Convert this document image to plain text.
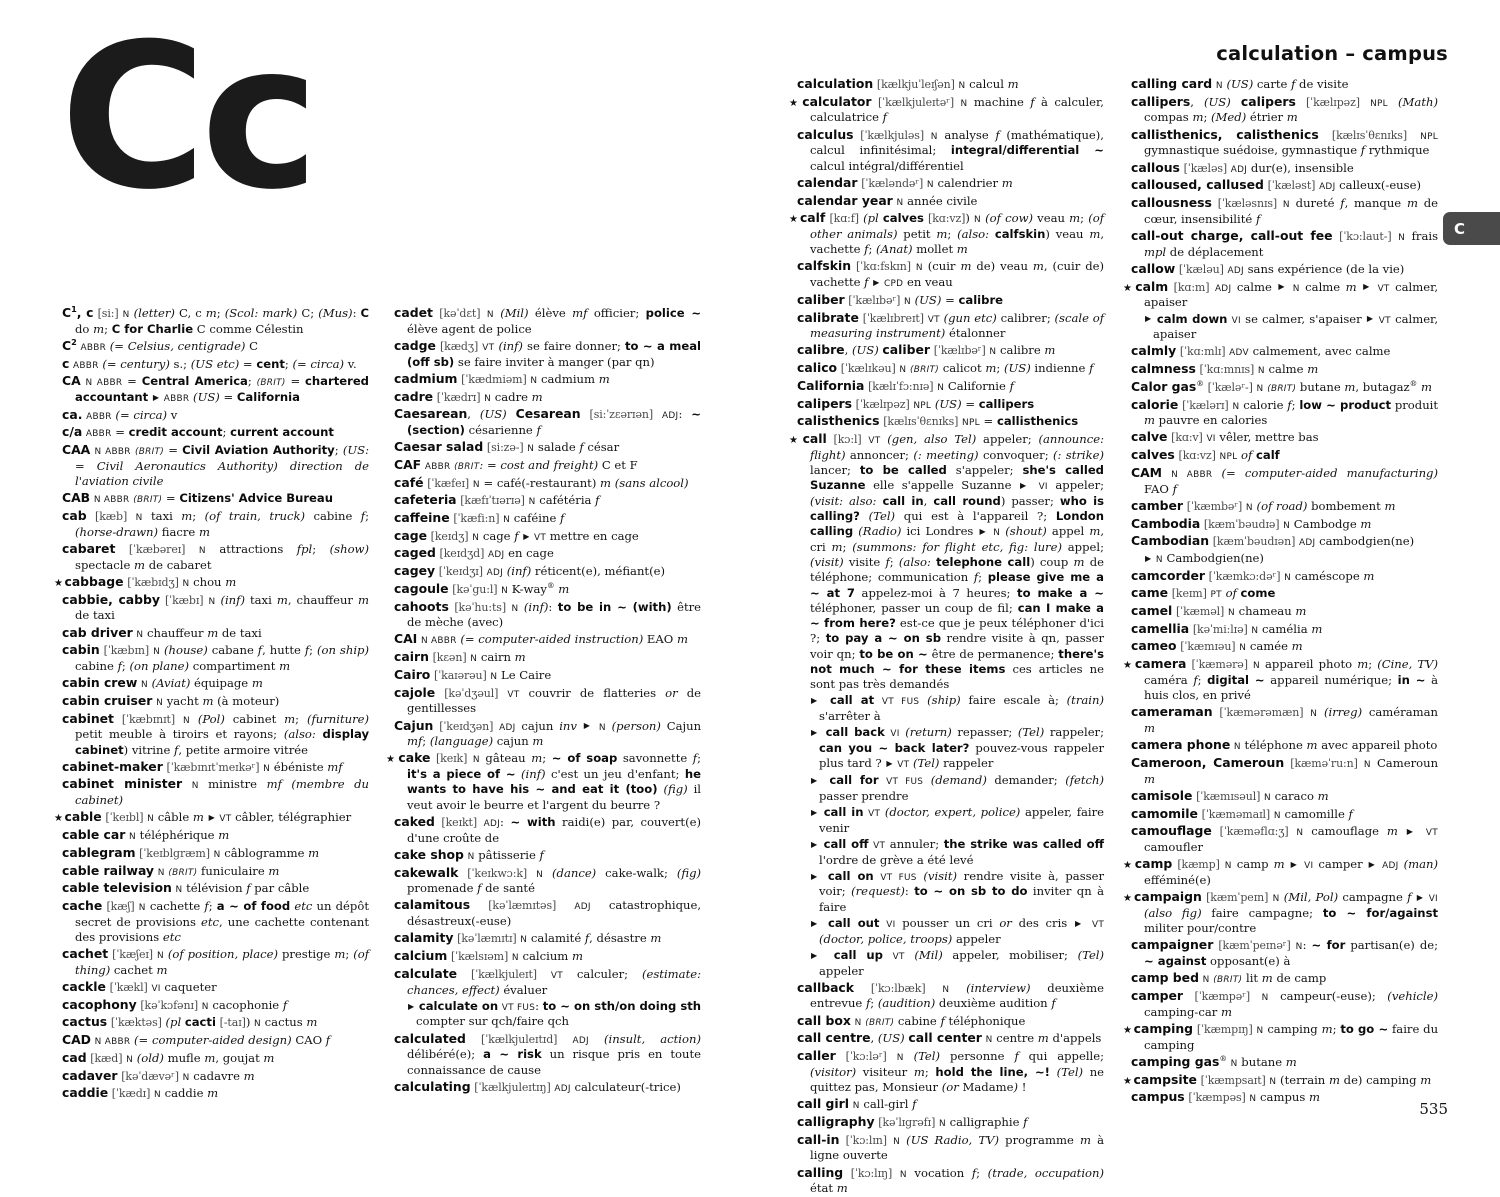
calculation – campus
Cc	C

$C^1$, c [si:] N (letter) C, c m; (Scol: mark) C; (Mus): C do m; C for Charlie C comme Célestin

$C^2$ ABBR (= Celsius, centigrade) C

c ABBR (= century) s.; (US etc) = cent; (= circa) v.

CA N ABBR = Central America; (BRIT) = chartered accountant ▶ ABBR (US) = California

ca. ABBR (= circa) v

c/a ABBR = credit account; current account

CAA N ABBR (BRIT) = Civil Aviation Authority; (US: = Civil Aeronautics Authority) direction de l'aviation civile

CAB N ABBR (BRIT) = Citizens' Advice Bureau

cab [kæb] N taxi m; (of train, truck) cabine f; (horse-drawn) fiacre m

cabaret [ˈkæbəreɪ] N attractions fpl; (show) spectacle m de cabaret

★ cabbage [ˈkæbɪdʒ] N chou m

cabbie, cabby [ˈkæbɪ] N (inf) taxi m, chauffeur m de taxi

cab driver N chauffeur m de taxi

cabin [ˈkæbɪn] N (house) cabane f, hutte f; (on ship) cabine f; (on plane) compartiment m

cabin crew N (Aviat) équipage m

cabin cruiser N yacht m (à moteur)

cabinet [ˈkæbɪnɪt] N (Pol) cabinet m; (furniture) petit meuble à tiroirs et rayons; (also: display cabinet) vitrine f, petite armoire vitrée

cabinet-maker [ˈkæbɪnɪtˈmeɪkəʳ] N ébéniste mf

cabinet minister N ministre mf (membre du cabinet)

★ cable [ˈkeɪbl] N câble m ▶ VT câbler, télégraphier

cable car N téléphérique m

cablegram [ˈkeɪblgræm] N câblogramme m

cable railway N (BRIT) funiculaire m

cable television N télévision f par câble

cache [kæʃ] N cachette f; a ~ of food etc un dépôt secret de provisions etc, une cachette contenant des provisions etc

cachet [ˈkæʃeɪ] N (of position, place) prestige m; (of thing) cachet m

cackle [ˈkækl] VI caqueter

cacophony [kəˈkɔfənɪ] N cacophonie f

cactus [ˈkæktəs] (pl cacti [-taɪ]) N cactus m

CAD N ABBR (= computer-aided design) CAO f

cad [kæd] N (old) mufle m, goujat m

cadaver [kəˈdævəʳ] N cadavre m

caddie [ˈkædɪ] N caddie m

cadet [kəˈdɛt] N (Mil) élève mf officier; police ~ élève agent de police

cadge [kædʒ] VT (inf) se faire donner; to ~ a meal (off sb) se faire inviter à manger (par qn)

cadmium [ˈkædmiəm] N cadmium m

cadre [ˈkædrɪ] N cadre m

Caesarean, (US) Cesarean [si:ˈzɛərɪən] ADJ: ~ (section) césarienne f

Caesar salad [si:zə-] N salade f césar

CAF ABBR (BRIT: = cost and freight) C et F

café [ˈkæfeɪ] N = café(-restaurant) m (sans alcool)

cafeteria [kæfɪˈtɪərɪə] N cafétéria f

caffeine [ˈkæfi:n] N caféine f

cage [keɪdʒ] N cage f ▶ VT mettre en cage

caged [keɪdʒd] ADJ en cage

cagey [ˈkeɪdʒɪ] ADJ (inf) réticent(e), méfiant(e)

cagoule [kəˈgu:l] N K-way® m

cahoots [kəˈhu:ts] N (inf): to be in ~ (with) être de mèche (avec)

CAI N ABBR (= computer-aided instruction) EAO m

cairn [kɛən] N cairn m

Cairo [ˈkaɪərəu] N Le Caire

cajole [kəˈdʒəul] VT couvrir de flatteries or de gentillesses

Cajun [ˈkeɪdʒən] ADJ cajun inv ▶ N (person) Cajun mf; (language) cajun m

★ cake [keɪk] N gâteau m; ~ of soap savonnette f; it's a piece of ~ (inf) c'est un jeu d'enfant; he wants to have his ~ and eat it (too) (fig) il veut avoir le beurre et l'argent du beurre ?

caked [keɪkt] ADJ: ~ with raidi(e) par, couvert(e) d'une croûte de

cake shop N pâtisserie f

cakewalk [ˈkeɪkwɔ:k] N (dance) cake-walk; (fig) promenade f de santé

calamitous [kəˈlæmɪtəs] ADJ catastrophique, désastreux(-euse)

calamity [kəˈlæmɪtɪ] N calamité f, désastre m

calcium [ˈkælsɪəm] N calcium m

calculate [ˈkælkjuleɪt] VT calculer; (estimate: chances, effect) évaluer

▶ calculate on VT FUS: to ~ on sth/on doing sth compter sur qch/faire qch

calculated [ˈkælkjuleɪtɪd] ADJ (insult, action) délibéré(e); a ~ risk un risque pris en toute connaissance de cause

calculating [ˈkælkjuleɪtɪŋ] ADJ calculateur(-trice)

calculation [kælkjuˈleɪʃən] N calcul m

★ calculator [ˈkælkjuleɪtəʳ] N machine f à calculer, calculatrice f

calculus [ˈkælkjuləs] N analyse f (mathématique), calcul infinitésimal; integral/differential ~ calcul intégral/différentiel

calendar [ˈkæləndəʳ] N calendrier m

calendar year N année civile

★ calf [kɑ:f] (pl calves [kɑ:vz]) N (of cow) veau m; (of other animals) petit m; (also: calfskin) veau m, vachette f; (Anat) mollet m

calfskin [ˈkɑ:fskɪn] N (cuir m de) veau m, (cuir de) vachette f ▶ CPD en veau

caliber [ˈkælɪbəʳ] N (US) = calibre

calibrate [ˈkælɪbreɪt] VT (gun etc) calibrer; (scale of measuring instrument) étalonner

calibre, (US) caliber [ˈkælɪbəʳ] N calibre m

calico [ˈkælɪkəu] N (BRIT) calicot m; (US) indienne f

California [kælɪˈfɔ:nɪə] N Californie f

calipers [ˈkælɪpəz] NPL (US) = callipers

calisthenics [kælɪsˈθɛnɪks] NPL = callisthenics

★ call [kɔ:l] VT (gen, also Tel) appeler; (announce: flight) annoncer; (: meeting) convoquer; (: strike) lancer; to be called s'appeler; she's called Suzanne elle s'appelle Suzanne ▶ VI appeler; (visit: also: call in, call round) passer; who is calling? (Tel) qui est à l'appareil ?; London calling (Radio) ici Londres ▶ N (shout) appel m, cri m; (summons: for flight etc, fig: lure) appel; (visit) visite f; (also: telephone call) coup m de téléphone; communication f; please give me a ~ at 7 appelez-moi à 7 heures; to make a ~ téléphoner, passer un coup de fil; can I make a ~ from here? est-ce que je peux téléphoner d'ici ?; to pay a ~ on sb rendre visite à qn, passer voir qn; to be on ~ être de permanence; there's not much ~ for these items ces articles ne sont pas très demandés

▶ call at VT FUS (ship) faire escale à; (train) s'arrêter à

▶ call back VI (return) repasser; (Tel) rappeler; can you ~ back later? pouvez-vous rappeler plus tard ? ▶ VT (Tel) rappeler

▶ call for VT FUS (demand) demander; (fetch) passer prendre

▶ call in VT (doctor, expert, police) appeler, faire venir

▶ call off VT annuler; the strike was called off l'ordre de grève a été levé

▶ call on VT FUS (visit) rendre visite à, passer voir; (request): to ~ on sb to do inviter qn à faire

▶ call out VI pousser un cri or des cris ▶ VT (doctor, police, troops) appeler

▶ call up VT (Mil) appeler, mobiliser; (Tel) appeler

callback [ˈkɔ:lbæk] N (interview) deuxième entrevue f; (audition) deuxième audition f

call box N (BRIT) cabine f téléphonique

call centre, (US) call center N centre m d'appels

caller [ˈkɔ:ləʳ] N (Tel) personne f qui appelle; (visitor) visiteur m; hold the line, ~! (Tel) ne quittez pas, Monsieur (or Madame) !

call girl N call-girl f

calligraphy [kəˈlɪgrəfɪ] N calligraphie f

call-in [ˈkɔ:lɪn] N (US Radio, TV) programme m à ligne ouverte

calling [ˈkɔ:lɪŋ] N vocation f; (trade, occupation) état m

calling card N (US) carte f de visite

callipers, (US) calipers [ˈkælɪpəz] NPL (Math) compas m; (Med) étrier m

callisthenics, calisthenics [kælɪsˈθɛnɪks] NPL gymnastique suédoise, gymnastique f rythmique

callous [ˈkæləs] ADJ dur(e), insensible

calloused, callused [ˈkæləst] ADJ calleux(-euse)

callousness [ˈkæləsnɪs] N dureté f, manque m de cœur, insensibilité f

call-out charge, call-out fee [ˈkɔ:laut-] N frais mpl de déplacement

callow [ˈkæləu] ADJ sans expérience (de la vie)

★ calm [kɑ:m] ADJ calme ▶ N calme m ▶ VT calmer, apaiser

▶ calm down VI se calmer, s'apaiser ▶ VT calmer, apaiser

calmly [ˈkɑ:mlɪ] ADV calmement, avec calme

calmness [ˈkɑ:mnɪs] N calme m

Calor gas® [ˈkæləʳ-] N (BRIT) butane m, butagaz® m

calorie [ˈkælərɪ] N calorie f; low ~ product produit m pauvre en calories

calve [kɑ:v] VI vêler, mettre bas

calves [kɑ:vz] NPL of calf

CAM N ABBR (= computer-aided manufacturing) FAO f

camber [ˈkæmbəʳ] N (of road) bombement m

Cambodia [kæmˈbəudɪə] N Cambodge m

Cambodian [kæmˈbəudɪən] ADJ cambodgien(ne)

▶ N Cambodgien(ne)

camcorder [ˈkæmkɔ:dəʳ] N caméscope m

came [keɪm] PT of come

camel [ˈkæməl] N chameau m

camellia [kəˈmi:lɪə] N camélia m

cameo [ˈkæmɪəu] N camée m

★ camera [ˈkæmərə] N appareil photo m; (Cine, TV) caméra f; digital ~ appareil numérique; in ~ à huis clos, en privé

cameraman [ˈkæmərəmæn] N (irreg) caméraman m

camera phone N téléphone m avec appareil photo

Cameroon, Cameroun [kæməˈru:n] N Cameroun m

camisole [ˈkæmɪsəul] N caraco m

camomile [ˈkæməmaɪl] N camomille f

camouflage [ˈkæməflɑ:ʒ] N camouflage m ▶ VT camoufler

★ camp [kæmp] N camp m ▶ VI camper ▶ ADJ (man) efféminé(e)

★ campaign [kæmˈpeɪn] N (Mil, Pol) campagne f ▶ VI (also fig) faire campagne; to ~ for/against militer pour/contre

campaigner [kæmˈpeɪnəʳ] N: ~ for partisan(e) de; ~ against opposant(e) à

camp bed N (BRIT) lit m de camp

camper [ˈkæmpəʳ] N campeur(-euse); (vehicle) camping-car m

★ camping [ˈkæmpɪŋ] N camping m; to go ~ faire du camping

camping gas® N butane m

★ campsite [ˈkæmpsaɪt] N (terrain m de) camping m

campus [ˈkæmpəs] N campus m

535
